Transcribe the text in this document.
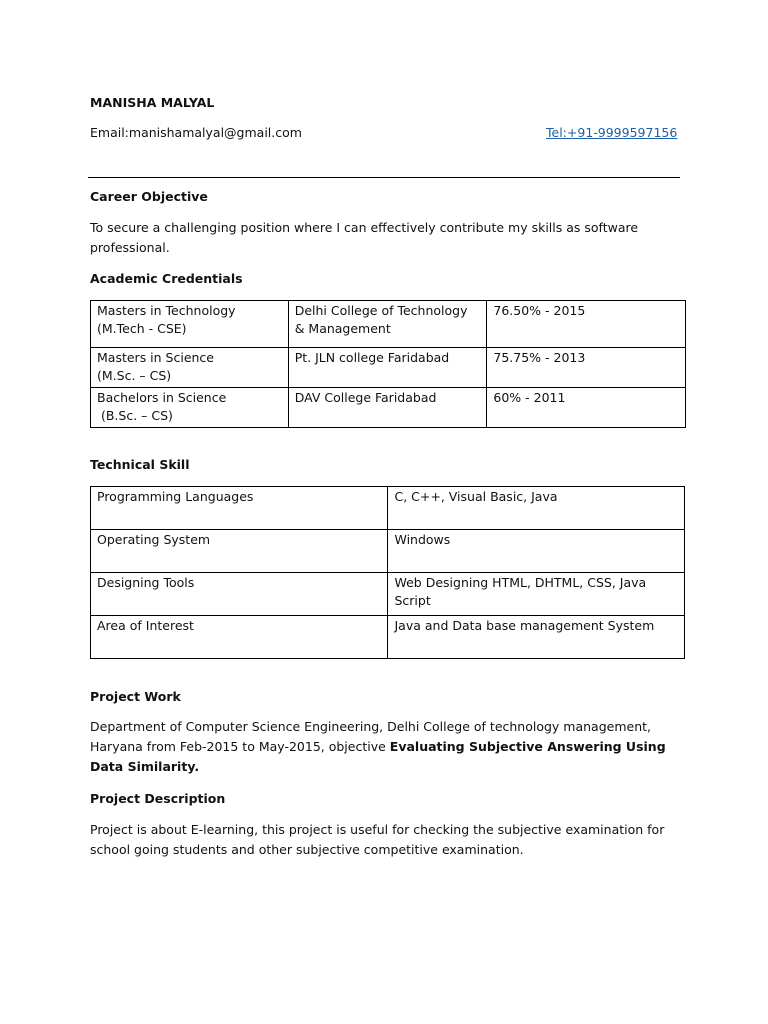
MANISHA MALYAL
Email:manishamalyal@gmail.com	Tel:+91-9999597156
Career Objective
To secure a challenging position where I can effectively contribute my skills as software professional.
Academic Credentials
Masters in Technology
(M.Tech - CSE)	Delhi College of Technology & Management	76.50% - 2015

Masters in Science
(M.Sc. – CS)	Pt. JLN college Faridabad	75.75% - 2013

Bachelors in Science
(B.Sc. – CS)	DAV College Faridabad	60% - 2011
Technical Skill
Programming Languages	C, C++, Visual Basic, Java
Operating System	Windows
Designing Tools	Web Designing HTML, DHTML, CSS, Java Script
Area of Interest	Java and Data base management System
Project Work
Department of Computer Science Engineering, Delhi College of technology management, Haryana from Feb-2015 to May-2015, objective Evaluating Subjective Answering Using Data Similarity.
Project Description
Project is about E-learning, this project is useful for checking the subjective examination for school going students and other subjective competitive examination.
